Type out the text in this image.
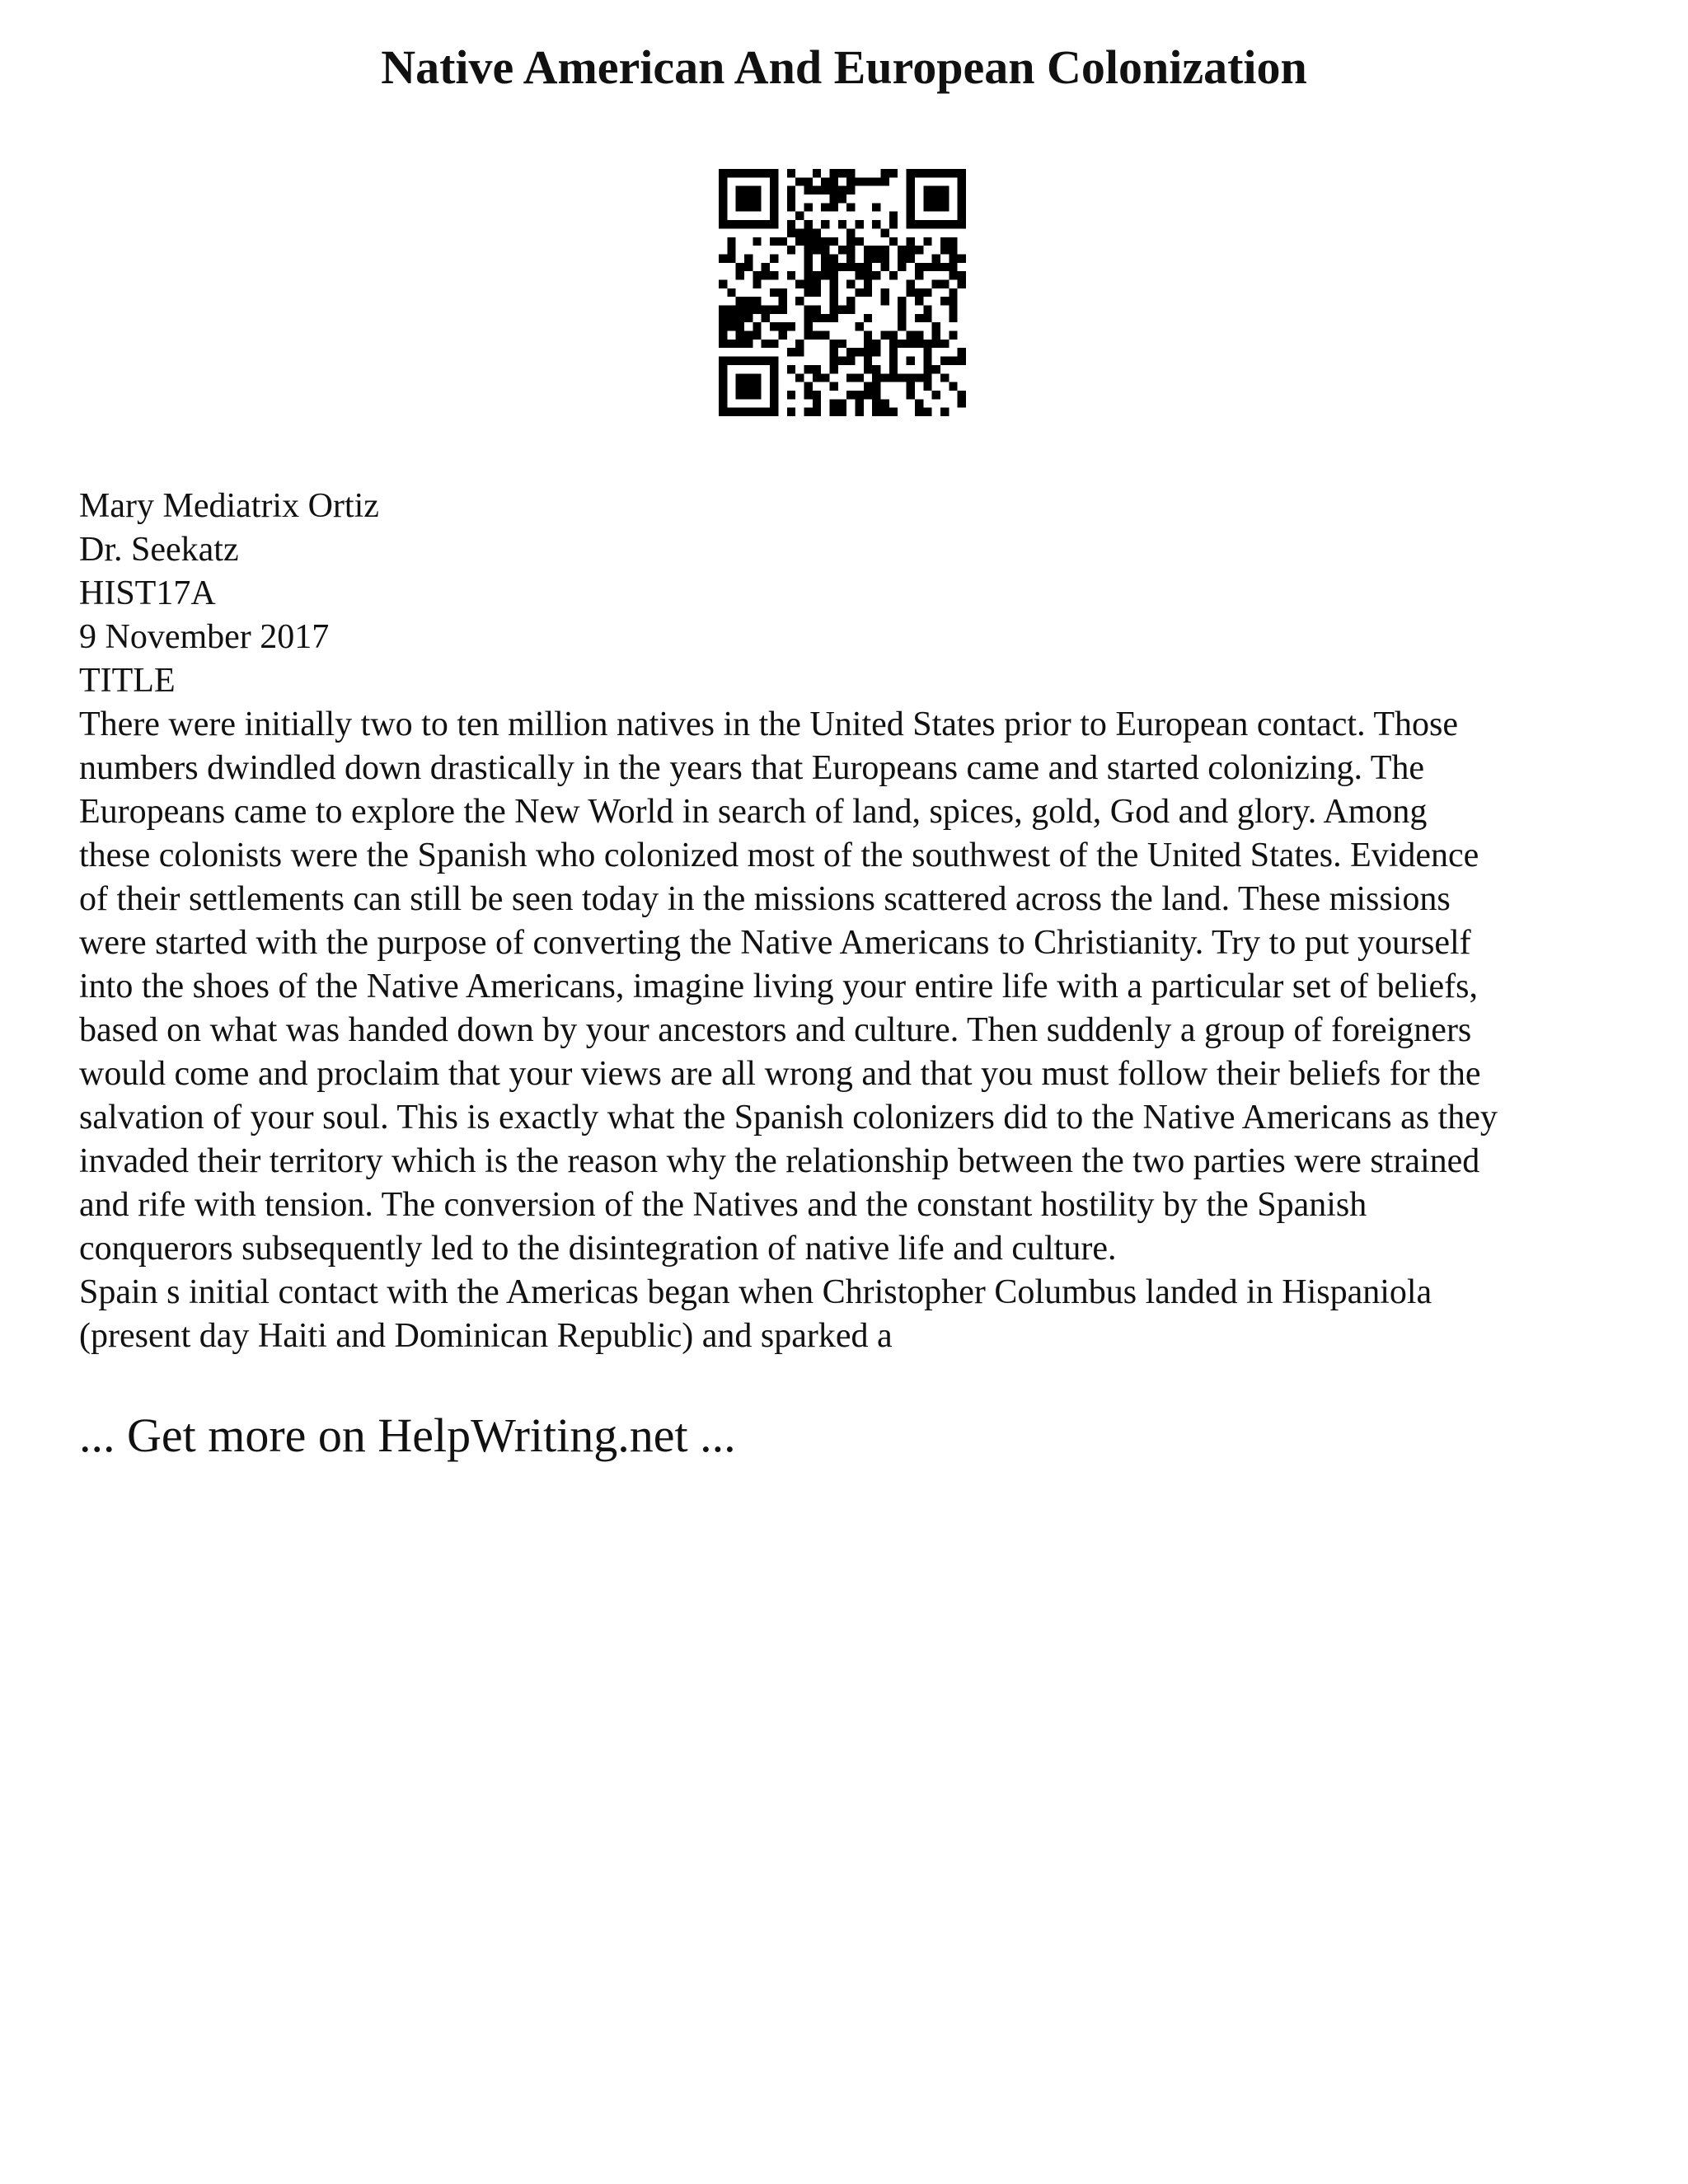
Native American And European Colonization
Mary Mediatrix Ortiz
Dr. Seekatz
HIST17A
9 November 2017
TITLE

There were initially two to ten million natives in the United States prior to European contact. Those
numbers dwindled down drastically in the years that Europeans came and started colonizing. The
Europeans came to explore the New World in search of land, spices, gold, God and glory. Among
these colonists were the Spanish who colonized most of the southwest of the United States. Evidence
of their settlements can still be seen today in the missions scattered across the land. These missions
were started with the purpose of converting the Native Americans to Christianity. Try to put yourself
into the shoes of the Native Americans, imagine living your entire life with a particular set of beliefs,
based on what was handed down by your ancestors and culture. Then suddenly a group of foreigners
would come and proclaim that your views are all wrong and that you must follow their beliefs for the
salvation of your soul. This is exactly what the Spanish colonizers did to the Native Americans as they
invaded their territory which is the reason why the relationship between the two parties were strained
and rife with tension. The conversion of the Natives and the constant hostility by the Spanish
conquerors subsequently led to the disintegration of native life and culture.

Spain s initial contact with the Americas began when Christopher Columbus landed in Hispaniola
(present day Haiti and Dominican Republic) and sparked a

... Get more on HelpWriting.net ...
